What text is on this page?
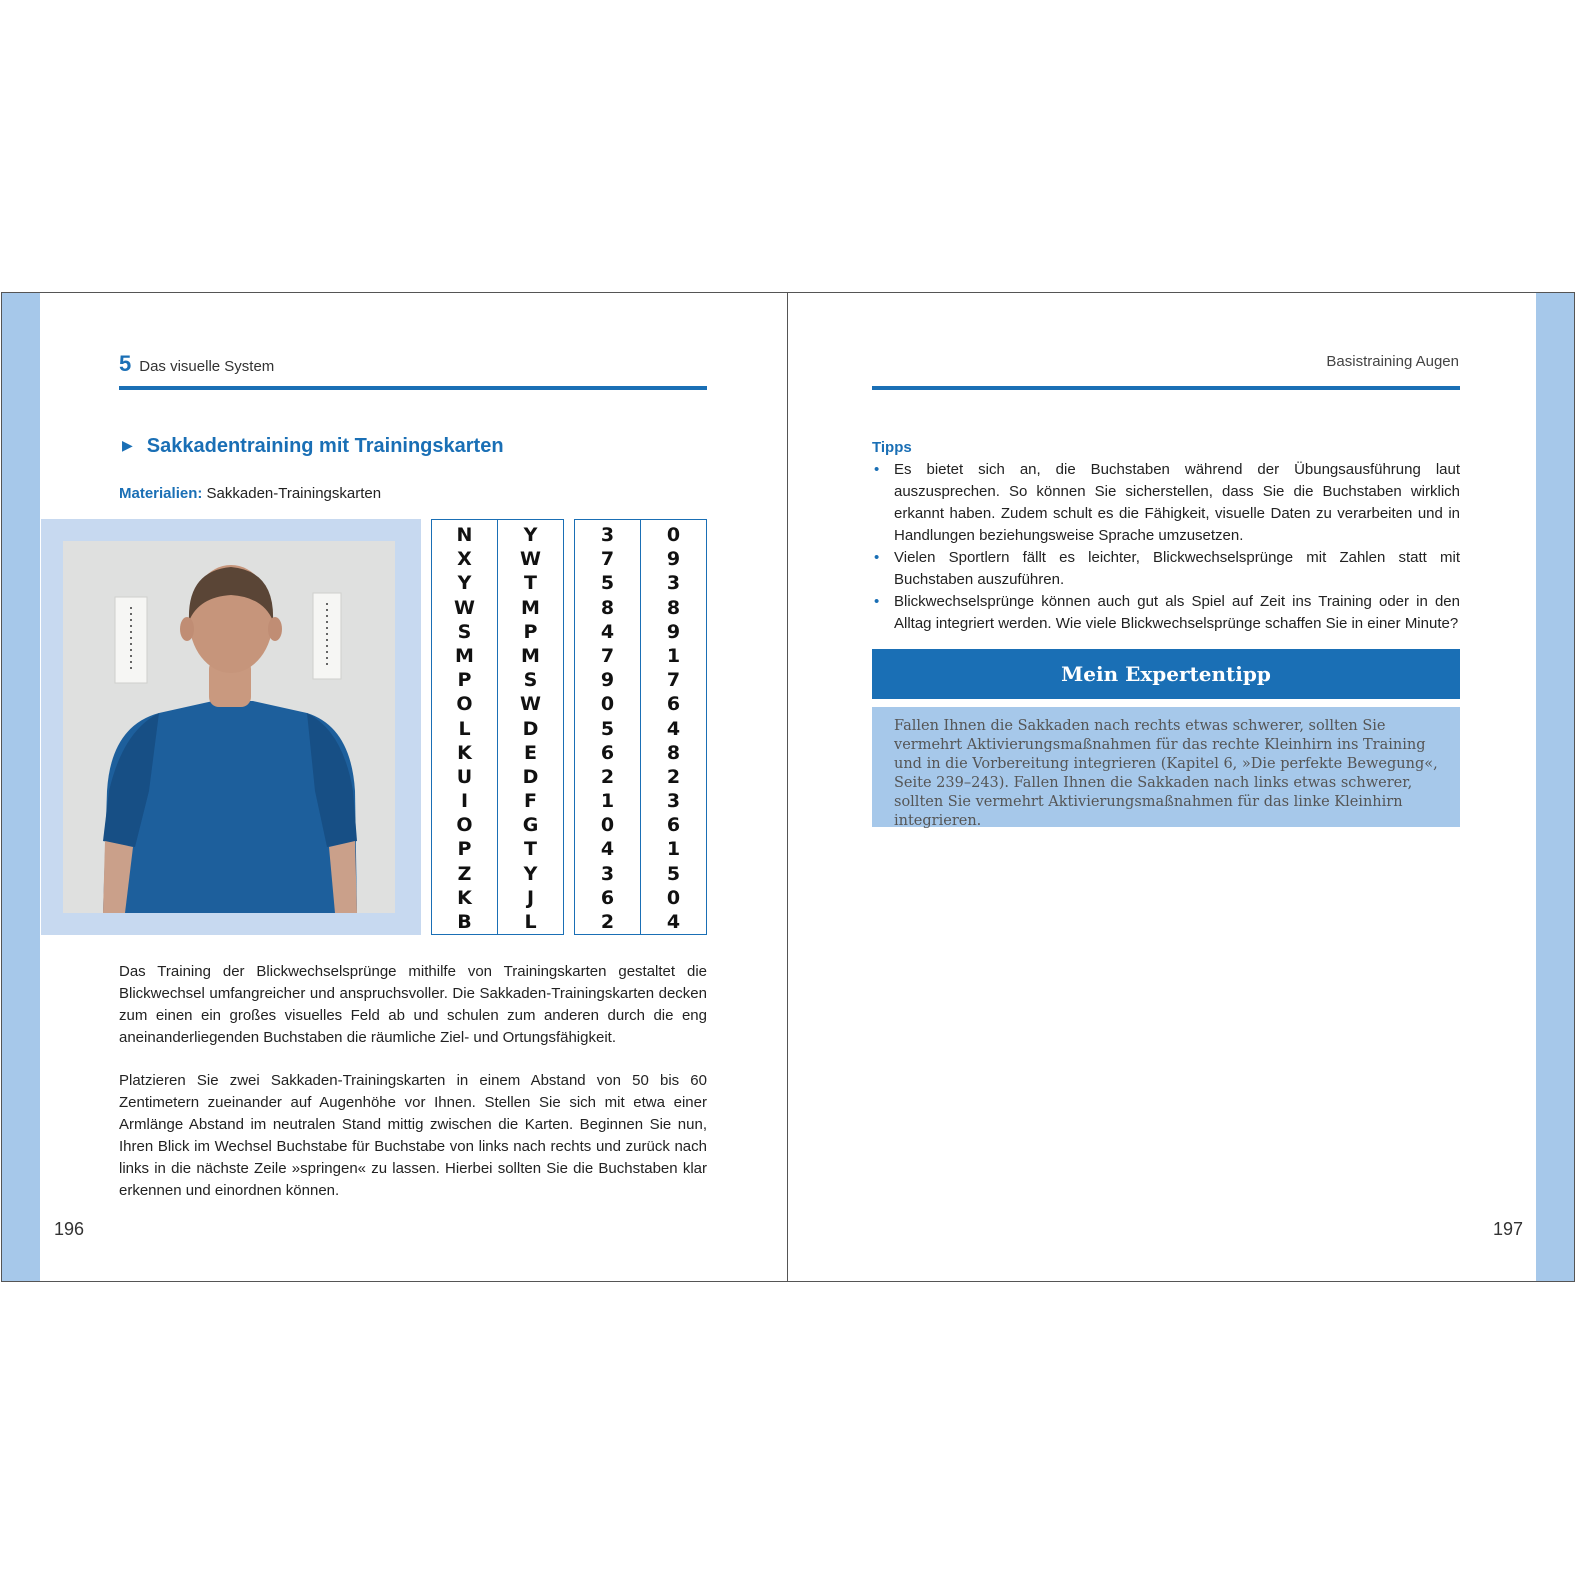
5 Das visuelle System
▶ Sakkadentraining mit Trainingskarten
Materialien: Sakkaden-Trainingskarten
N
X
Y
W
S
M
P
O
L
K
U
I
O
P
Z
K
B
Y
W
T
M
P
M
S
W
D
E
D
F
G
T
Y
J
L
3
7
5
8
4
7
9
0
5
6
2
1
0
4
3
6
2
0
9
3
8
9
1
7
6
4
8
2
3
6
1
5
0
4
Das Training der Blickwechselsprünge mithilfe von Trainingskarten gestaltet die Blickwechsel umfangreicher und anspruchsvoller. Die Sakkaden-Trainingskarten decken zum einen ein großes visuelles Feld ab und schulen zum anderen durch die eng aneinanderliegenden Buchstaben die räumliche Ziel- und Ortungsfähigkeit.
Platzieren Sie zwei Sakkaden-Trainingskarten in einem Abstand von 50 bis 60 Zentimetern zueinander auf Augenhöhe vor Ihnen. Stellen Sie sich mit etwa einer Armlänge Abstand im neutralen Stand mittig zwischen die Karten. Beginnen Sie nun, Ihren Blick im Wechsel Buchstabe für Buchstabe von links nach rechts und zurück nach links in die nächste Zeile »springen« zu lassen. Hierbei sollten Sie die Buchstaben klar erkennen und einordnen können.
196
Basistraining Augen
Tipps
• Es bietet sich an, die Buchstaben während der Übungsausführung laut auszusprechen. So können Sie sicherstellen, dass Sie die Buchstaben wirklich erkannt haben. Zudem schult es die Fähigkeit, visuelle Daten zu verarbeiten und in Handlungen beziehungsweise Sprache umzusetzen.
• Vielen Sportlern fällt es leichter, Blickwechselsprünge mit Zahlen statt mit Buchstaben auszuführen.
• Blickwechselsprünge können auch gut als Spiel auf Zeit ins Training oder in den Alltag integriert werden. Wie viele Blickwechselsprünge schaffen Sie in einer Minute?
Mein Expertentipp
Fallen Ihnen die Sakkaden nach rechts etwas schwerer, sollten Sie vermehrt Aktivierungsmaßnahmen für das rechte Kleinhirn ins Training und in die Vorbereitung integrieren (Kapitel 6, »Die perfekte Bewegung«, Seite 239–243). Fallen Ihnen die Sakkaden nach links etwas schwerer, sollten Sie vermehrt Aktivierungsmaßnahmen für das linke Kleinhirn integrieren.
197
